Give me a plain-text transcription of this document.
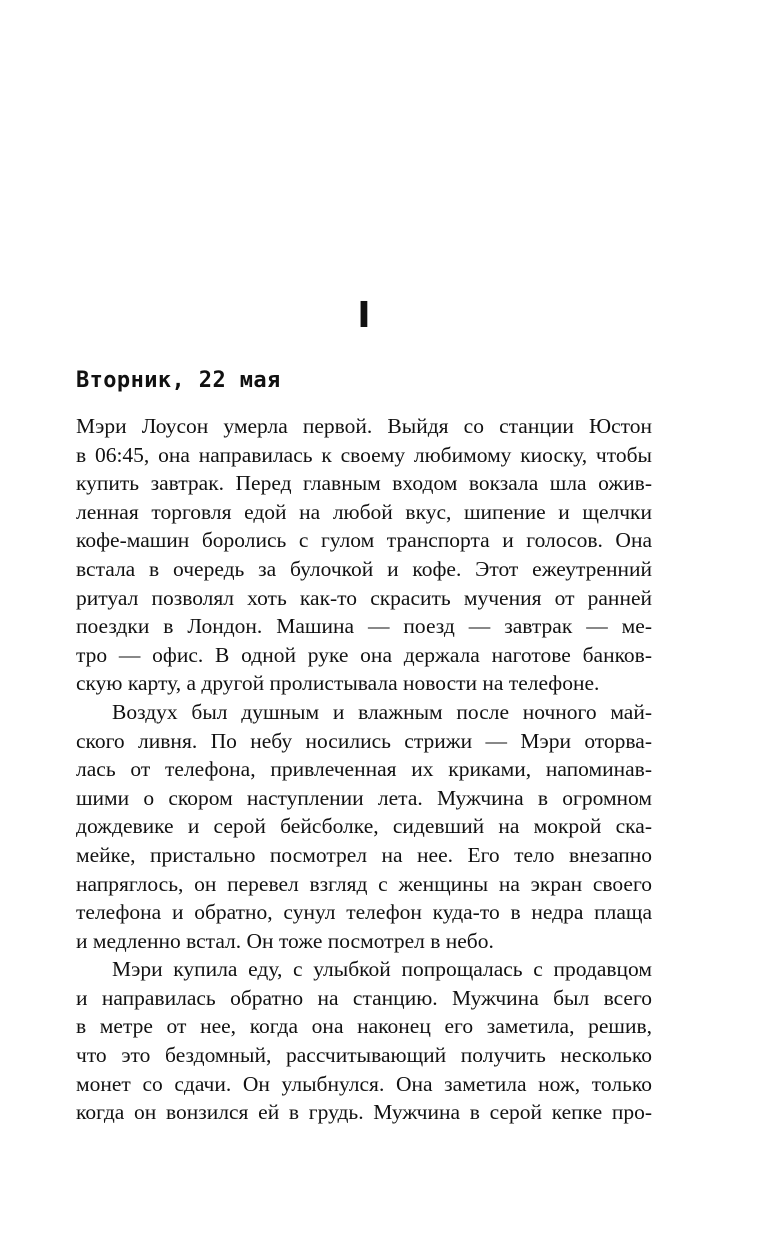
I
Вторник, 22 мая
Мэри Лоусон умерла первой. Выйдя со станции Юстон
в 06:45, она направилась к своему любимому киоску, чтобы
купить завтрак. Перед главным входом вокзала шла ожив-
ленная торговля едой на любой вкус, шипение и щелчки
кофе-машин боролись с гулом транспорта и голосов. Она
встала в очередь за булочкой и кофе. Этот ежеутренний
ритуал позволял хоть как-то скрасить мучения от ранней
поездки в Лондон. Машина — поезд — завтрак — ме-
тро — офис. В одной руке она держала наготове банков-
скую карту, а другой пролистывала новости на телефоне.
Воздух был душным и влажным после ночного май-
ского ливня. По небу носились стрижи — Мэри оторва-
лась от телефона, привлеченная их криками, напоминав-
шими о скором наступлении лета. Мужчина в огромном
дождевике и серой бейсболке, сидевший на мокрой ска-
мейке, пристально посмотрел на нее. Его тело внезапно
напряглось, он перевел взгляд с женщины на экран своего
телефона и обратно, сунул телефон куда-то в недра плаща
и медленно встал. Он тоже посмотрел в небо.
Мэри купила еду, с улыбкой попрощалась с продавцом
и направилась обратно на станцию. Мужчина был всего
в метре от нее, когда она наконец его заметила, решив,
что это бездомный, рассчитывающий получить несколько
монет со сдачи. Он улыбнулся. Она заметила нож, только
когда он вонзился ей в грудь. Мужчина в серой кепке про-
